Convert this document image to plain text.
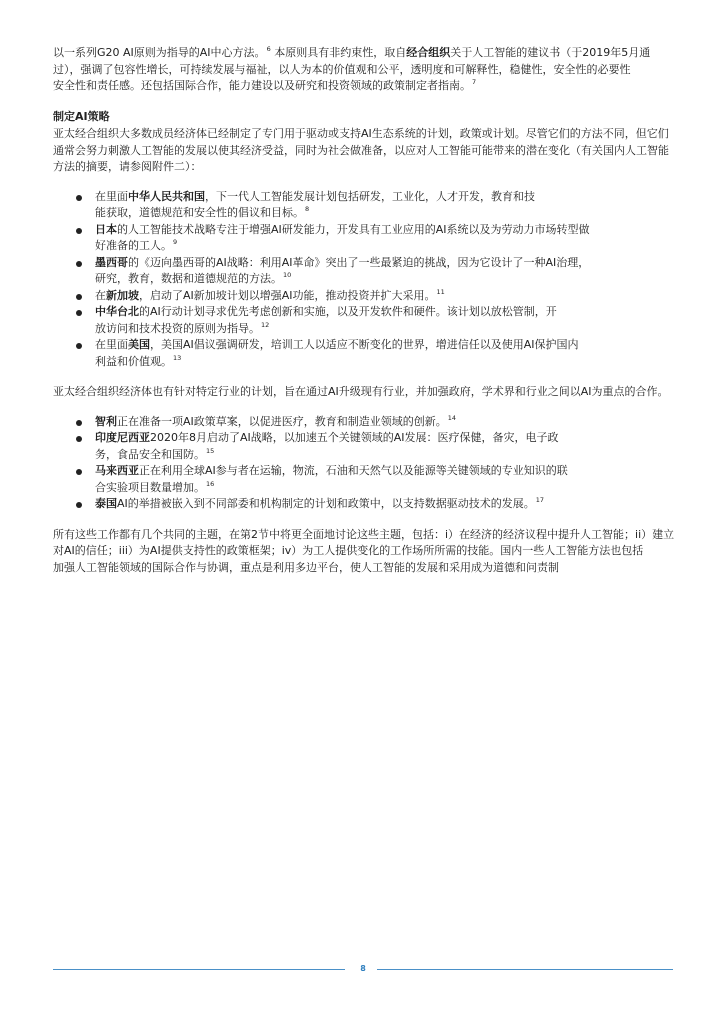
以一系列G20 AI原则为指导的AI中心方法。$^6$ 本原则具有非约束性，取自经合组织关于人工智能的建议书（于2019年5月通过），强调了包容性增长，可持续发展与福祉，以人为本的价值观和公平，透明度和可解释性，稳健性，安全性的必要性

安全性和责任感。还包括国际合作，能力建设以及研究和投资领域的政策制定者指南。$^7$

制定AI策略

亚太经合组织大多数成员经济体已经制定了专门用于驱动或支持AI生态系统的计划，政策或计划。尽管它们的方法不同，但它们通常会努力刺激人工智能的发展以使其经济受益，同时为社会做准备，以应对人工智能可能带来的潜在变化（有关国内人工智能方法的摘要，请参阅附件二）：

在里面中华人民共和国，下一代人工智能发展计划包括研发，工业化，人才开发，教育和技
能获取，道德规范和安全性的倡议和目标。$^8$
日本的人工智能技术战略专注于增强AI研发能力，开发具有工业应用的AI系统以及为劳动力市场转型做
好准备的工人。$^9$
墨西哥的《迈向墨西哥的AI战略：利用AI革命》突出了一些最紧迫的挑战，因为它设计了一种AI治理，
研究，教育，数据和道德规范的方法。$^{10}$
在新加坡，启动了AI新加坡计划以增强AI功能，推动投资并扩大采用。$^{11}$
中华台北的AI行动计划寻求优先考虑创新和实施，以及开发软件和硬件。该计划以放松管制，开
放访问和技术投资的原则为指导。$^{12}$
在里面美国，美国AI倡议强调研发，培训工人以适应不断变化的世界，增进信任以及使用AI保护国内
利益和价值观。$^{13}$

亚太经合组织经济体也有针对特定行业的计划，旨在通过AI升级现有行业，并加强政府，学术界和行业之间以AI为重点的合作。

智利正在准备一项AI政策草案，以促进医疗，教育和制造业领域的创新。$^{14}$
印度尼西亚2020年8月启动了AI战略，以加速五个关键领域的AI发展：医疗保健，备灾，电子政
务，食品安全和国防。$^{15}$
马来西亚正在利用全球AI参与者在运输，物流，石油和天然气以及能源等关键领域的专业知识的联
合实验项目数量增加。$^{16}$
泰国AI的举措被嵌入到不同部委和机构制定的计划和政策中，以支持数据驱动技术的发展。$^{17}$

所有这些工作都有几个共同的主题，在第2节中将更全面地讨论这些主题，包括：i）在经济的经济议程中提升人工智能；ii）建立对AI的信任；iii）为AI提供支持性的政策框架；iv）为工人提供变化的工作场所所需的技能。国内一些人工智能方法也包括

加强人工智能领域的国际合作与协调，重点是利用多边平台，使人工智能的发展和采用成为道德和问责制

8
